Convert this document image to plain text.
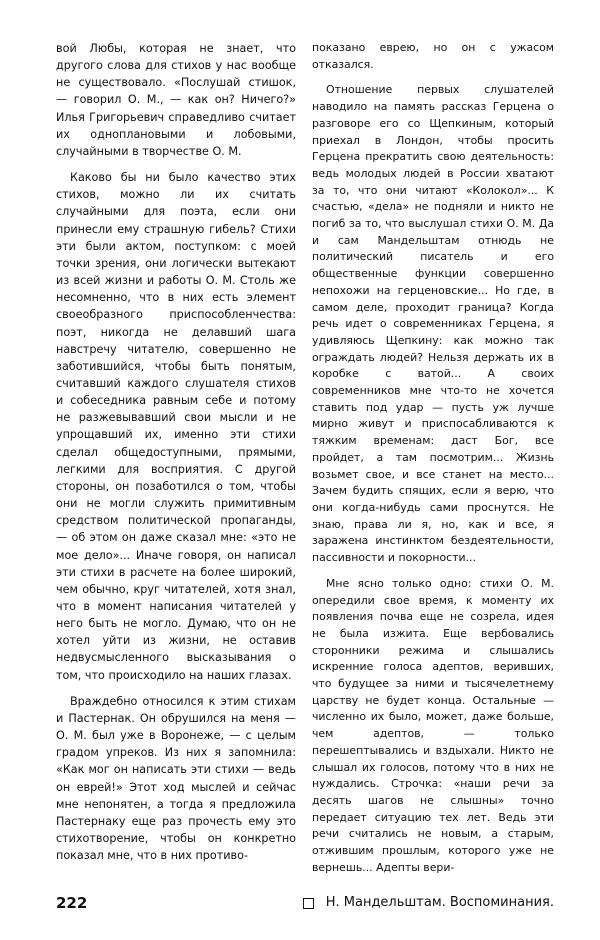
вой Любы, которая не знает, что другого слова для стихов у нас вообще не существовало. «Послушай стишок, — говорил О. М., — как он? Ничего?» Илья Григорьевич справедливо считает их одноплановыми и лобовыми, случайными в творчестве О. М.

Каково бы ни было качество этих стихов, можно ли их считать случайными для поэта, если они принесли ему страшную гибель? Стихи эти были актом, поступком: с моей точки зрения, они логически вытекают из всей жизни и работы О. М. Столь же несомненно, что в них есть элемент своеобразного приспособленчества: поэт, никогда не делавший шага навстречу читателю, совершенно не заботившийся, чтобы быть понятым, считавший каждого слушателя стихов и собеседника равным себе и потому не разжевывавший свои мысли и не упрощавший их, именно эти стихи сделал общедоступными, прямыми, легкими для восприятия. С другой стороны, он позаботился о том, чтобы они не могли служить примитивным средством политической пропаганды, — об этом он даже сказал мне: «это не мое дело»... Иначе говоря, он написал эти стихи в расчете на более широкий, чем обычно, круг читателей, хотя знал, что в момент написания читателей у него быть не могло. Думаю, что он не хотел уйти из жизни, не оставив недвусмысленного высказывания о том, что происходило на наших глазах.

Враждебно относился к этим стихам и Пастернак. Он обрушился на меня — О. М. был уже в Воронеже, — с целым градом упреков. Из них я запомнила: «Как мог он написать эти стихи — ведь он еврей!» Этот ход мыслей и сейчас мне непонятен, а тогда я предложила Пастернаку еще раз прочесть ему это стихотворение, чтобы он конкретно показал мне, что в них противо-

показано еврею, но он с ужасом отказался.

Отношение первых слушателей наводило на память рассказ Герцена о разговоре его со Щепкиным, который приехал в Лондон, чтобы просить Герцена прекратить свою деятельность: ведь молодых людей в России хватают за то, что они читают «Колокол»... К счастью, «дела» не подняли и никто не погиб за то, что выслушал стихи О. М. Да и сам Мандельштам отнюдь не политический писатель и его общественные функции совершенно непохожи на герценовские... Но где, в самом деле, проходит граница? Когда речь идет о современниках Герцена, я удивляюсь Щепкину: как можно так ограждать людей? Нельзя держать их в коробке с ватой... А своих современников мне что-то не хочется ставить под удар — пусть уж лучше мирно живут и приспосабливаются к тяжким временам: даст Бог, все пройдет, а там посмотрим... Жизнь возьмет свое, и все станет на место... Зачем будить спящих, если я верю, что они когда-нибудь сами проснутся. Не знаю, права ли я, но, как и все, я заражена инстинктом бездеятельности, пассивности и покорности...

Мне ясно только одно: стихи О. М. опередили свое время, к моменту их появления почва еще не созрела, идея не была изжита. Еще вербовались сторонники режима и слышались искренние голоса адептов, веривших, что будущее за ними и тысячелетнему царству не будет конца. Остальные — численно их было, может, даже больше, чем адептов, — только перешептывались и вздыхали. Никто не слышал их голосов, потому что в них не нуждались. Строчка: «наши речи за десять шагов не слышны» точно передает ситуацию тех лет. Ведь эти речи считались не новым, а старым, отжившим прошлым, которого уже не вернешь... Адепты вери-

222	Н. Мандельштам. Воспоминания.
